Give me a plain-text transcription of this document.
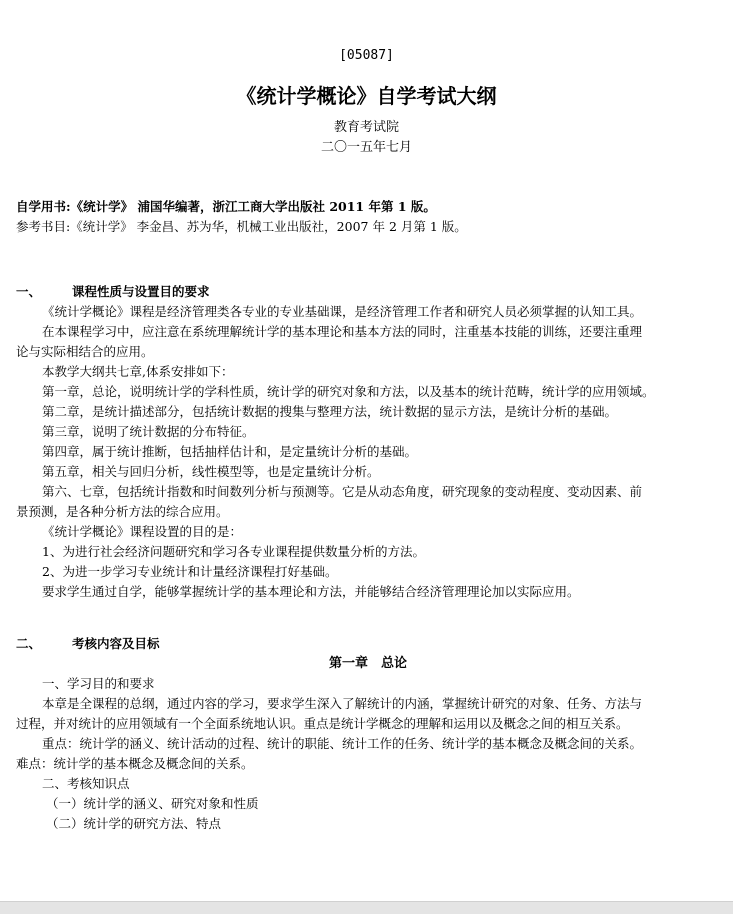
[05087]
《统计学概论》自学考试大纲
教育考试院
二〇一五年七月
自学用书:《统计学》 浦国华编著，浙江工商大学出版社 2011 年第 1 版。
参考书目:《统计学》 李金昌、苏为华，机械工业出版社，2007 年 2 月第 1 版。
一、 课程性质与设置目的要求
《统计学概论》课程是经济管理类各专业的专业基础课，是经济管理工作者和研究人员必须掌握的认知工具。
在本课程学习中，应注意在系统理解统计学的基本理论和基本方法的同时，注重基本技能的训练，还要注重理
论与实际相结合的应用。
本教学大纲共七章,体系安排如下：
第一章，总论，说明统计学的学科性质，统计学的研究对象和方法，以及基本的统计范畴，统计学的应用领域。
第二章，是统计描述部分，包括统计数据的搜集与整理方法，统计数据的显示方法，是统计分析的基础。
第三章，说明了统计数据的分布特征。
第四章，属于统计推断，包括抽样估计和，是定量统计分析的基础。
第五章，相关与回归分析，线性模型等，也是定量统计分析。
第六、七章，包括统计指数和时间数列分析与预测等。它是从动态角度，研究现象的变动程度、变动因素、前
景预测，是各种分析方法的综合应用。
《统计学概论》课程设置的目的是：
1、为进行社会经济问题研究和学习各专业课程提供数量分析的方法。
2、为进一步学习专业统计和计量经济课程打好基础。
要求学生通过自学，能够掌握统计学的基本理论和方法，并能够结合经济管理理论加以实际应用。
二、 考核内容及目标
第一章　总论
一、学习目的和要求
本章是全课程的总纲，通过内容的学习，要求学生深入了解统计的内涵，掌握统计研究的对象、任务、方法与
过程，并对统计的应用领域有一个全面系统地认识。重点是统计学概念的理解和运用以及概念之间的相互关系。
重点：统计学的涵义、统计活动的过程、统计的职能、统计工作的任务、统计学的基本概念及概念间的关系。
难点：统计学的基本概念及概念间的关系。
二、考核知识点
（一）统计学的涵义、研究对象和性质
（二）统计学的研究方法、特点
